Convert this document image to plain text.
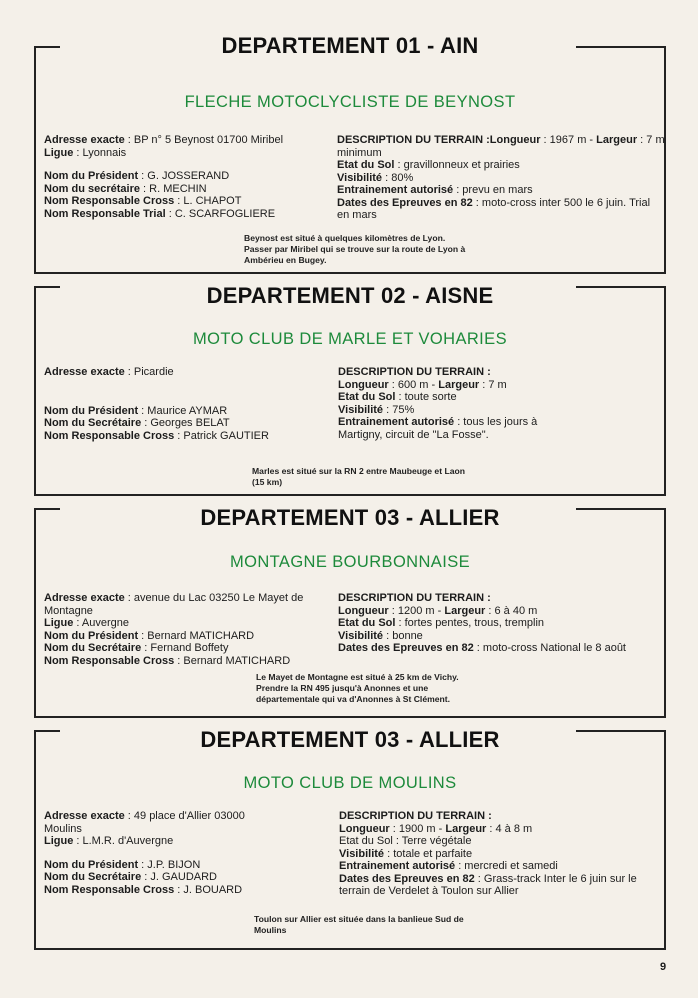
DEPARTEMENT 01 - AIN
FLECHE MOTOCLYCLISTE DE BEYNOST

Adresse exacte : BP n° 5 Beynost 01700 Miribel

Ligue : Lyonnais

Nom du Président : G. JOSSERAND

Nom du secrétaire : R. MECHIN

Nom Responsable Cross : L. CHAPOT

Nom Responsable Trial : C. SCARFOGLIERE

DESCRIPTION DU TERRAIN :Longueur : 1967 m - Largeur : 7 m minimum

Etat du Sol : gravillonneux et prairies

Visibilité : 80%

Entrainement autorisé : prevu en mars

Dates des Epreuves en 82 : moto-cross inter 500 le 6 juin. Trial en mars

Beynost est situé à quelques kilomètres de Lyon. Passer par Miribel qui se trouve sur la route de Lyon à Ambérieu en Bugey.
DEPARTEMENT 02 - AISNE
MOTO CLUB DE MARLE ET VOHARIES

Adresse exacte : Picardie

Nom du Président : Maurice AYMAR

Nom du Secrétaire : Georges BELAT

Nom Responsable Cross : Patrick GAUTIER

DESCRIPTION DU TERRAIN :

Longueur : 600 m - Largeur : 7 m

Etat du Sol : toute sorte

Visibilité : 75%

Entrainement autorisé : tous les jours à Martigny, circuit de "La Fosse".

Marles est situé sur la RN 2 entre Maubeuge et Laon (15 km)
DEPARTEMENT 03 - ALLIER
MONTAGNE BOURBONNAISE

Adresse exacte : avenue du Lac 03250 Le Mayet de Montagne

Ligue : Auvergne

Nom du Président : Bernard MATICHARD

Nom du Secrétaire : Fernand Boffety

Nom Responsable Cross : Bernard MATICHARD

DESCRIPTION DU TERRAIN :

Longueur : 1200 m - Largeur : 6 à 40 m

Etat du Sol : fortes pentes, trous, tremplin

Visibilité : bonne

Dates des Epreuves en 82 : moto-cross National le 8 août

Le Mayet de Montagne est situé à 25 km de Vichy. Prendre la RN 495 jusqu'à Anonnes et une départementale qui va d'Anonnes à St Clément.
DEPARTEMENT 03 - ALLIER
MOTO CLUB DE MOULINS

Adresse exacte : 49 place d'Allier 03000 Moulins

Ligue : L.M.R. d'Auvergne

Nom du Président : J.P. BIJON

Nom du Secrétaire : J. GAUDARD

Nom Responsable Cross : J. BOUARD

DESCRIPTION DU TERRAIN :

Longueur : 1900 m - Largeur : 4 à 8 m

Etat du Sol : Terre végétale

Visibilité : totale et parfaite

Entrainement autorisé : mercredi et samedi

Dates des Epreuves en 82 : Grass-track Inter le 6 juin sur le terrain de Verdelet à Toulon sur Allier

Toulon sur Allier est située dans la banlieue Sud de Moulins
9
